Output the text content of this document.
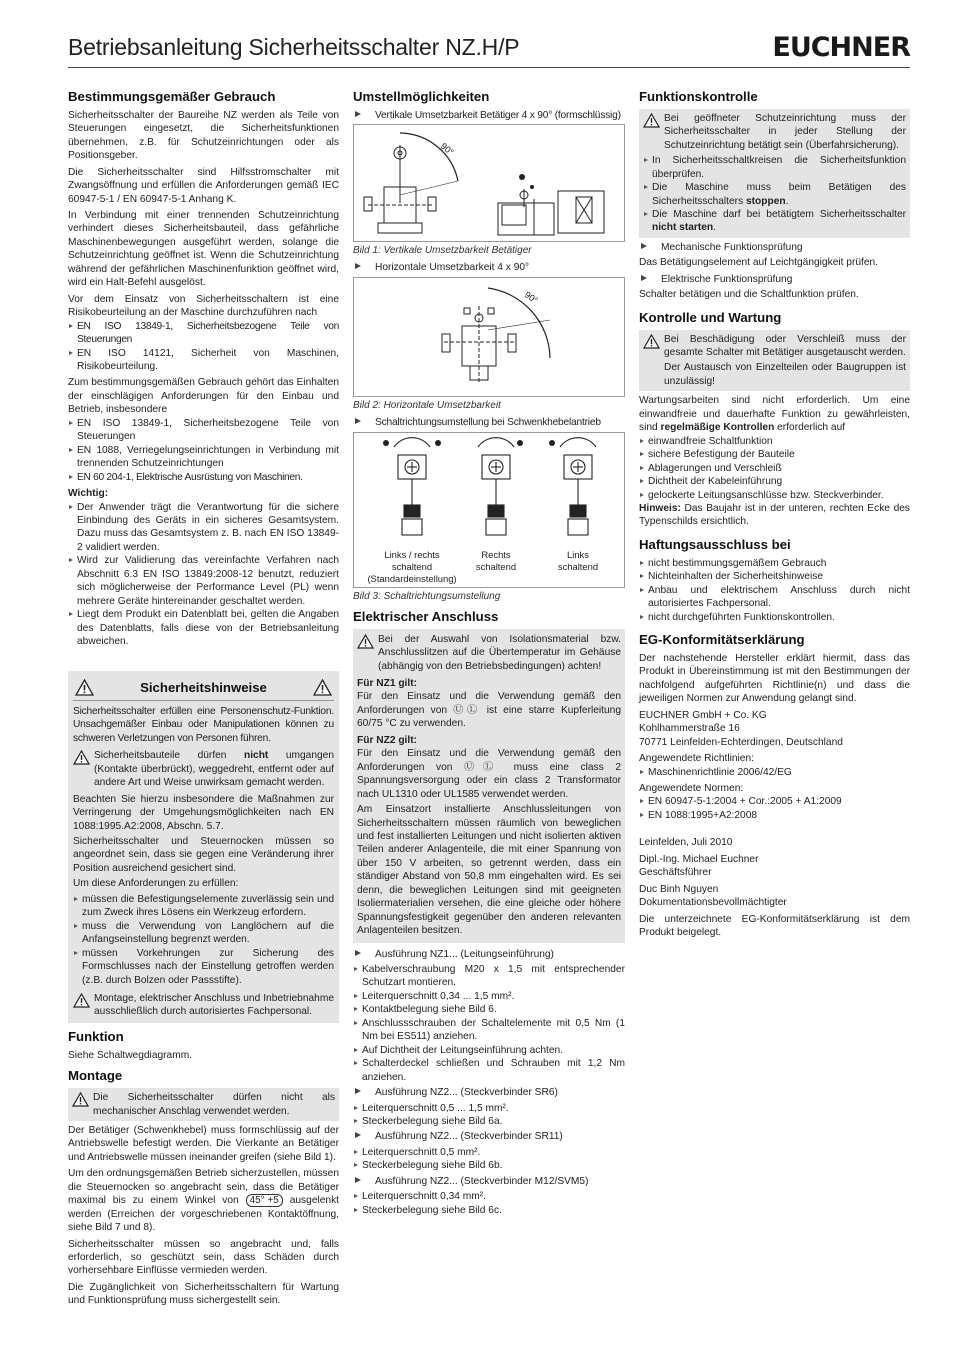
Betriebsanleitung Sicherheitsschalter NZ.H/P	EUCHNER
Bestimmungsgemäßer Gebrauch

Sicherheitsschalter der Baureihe NZ werden als Teile von Steuerungen eingesetzt, die Sicherheitsfunktionen übernehmen, z.B. für Schutzeinrichtungen oder als Positionsgeber.

Die Sicherheitsschalter sind Hilfsstromschalter mit Zwangsöffnung und erfüllen die Anforderungen gemäß IEC 60947-5-1 / EN 60947-5-1 Anhang K.

In Verbindung mit einer trennenden Schutzeinrichtung verhindert dieses Sicherheitsbauteil, dass gefährliche Maschinenbewegungen ausgeführt werden, solange die Schutzeinrichtung geöffnet ist. Wenn die Schutzeinrichtung während der gefährlichen Maschinenfunktion geöffnet wird, wird ein Halt-Befehl ausgelöst.

Vor dem Einsatz von Sicherheitsschaltern ist eine Risikobeurteilung an der Maschine durchzuführen nach

EN ISO 13849-1, Sicherheitsbezogene Teile von Steuerungen
EN ISO 14121, Sicherheit von Maschinen, Risikobeurteilung.

Zum bestimmungsgemäßen Gebrauch gehört das Einhalten der einschlägigen Anforderungen für den Einbau und Betrieb, insbesondere

EN ISO 13849-1, Sicherheitsbezogene Teile von Steuerungen
EN 1088, Verriegelungseinrichtungen in Verbindung mit trennenden Schutzeinrichtungen
EN 60 204-1, Elektrische Ausrüstung von Maschinen.
Wichtig:
Der Anwender trägt die Verantwortung für die sichere Einbindung des Geräts in ein sicheres Gesamtsystem. Dazu muss das Gesamtsystem z. B. nach EN ISO 13849-2 validiert werden.
Wird zur Validierung das vereinfachte Verfahren nach Abschnitt 6.3 EN ISO 13849:2008-12 benutzt, reduziert sich möglicherweise der Performance Level (PL) wenn mehrere Geräte hintereinander geschaltet werden.
Liegt dem Produkt ein Datenblatt bei, gelten die Angaben des Datenblatts, falls diese von der Betriebsanleitung abweichen.
Sicherheitshinweise

Sicherheitsschalter erfüllen eine Personenschutz-Funktion. Unsachgemäßer Einbau oder Manipulationen können zu schweren Verletzungen von Personen führen.

Sicherheitsbauteile dürfen nicht umgangen (Kontakte überbrückt), weggedreht, entfernt oder auf andere Art und Weise unwirksam gemacht werden.

Beachten Sie hierzu insbesondere die Maßnahmen zur Verringerung der Umgehungsmöglichkeiten nach EN 1088:1995.A2:2008, Abschn. 5.7.

Sicherheitsschalter und Steuernocken müssen so angeordnet sein, dass sie gegen eine Veränderung ihrer Position ausreichend gesichert sind.

Um diese Anforderungen zu erfüllen:

müssen die Befestigungselemente zuverlässig sein und zum Zweck ihres Lösens ein Werkzeug erfordern.
muss die Verwendung von Langlöchern auf die Anfangseinstellung begrenzt werden.
müssen Vorkehrungen zur Sicherung des Formschlusses nach der Einstellung getroffen werden (z.B. durch Bolzen oder Passstifte).
Montage, elektrischer Anschluss und Inbetriebnahme ausschließlich durch autorisiertes Fachpersonal.
Funktion

Siehe Schaltwegdiagramm.

Montage
Die Sicherheitsschalter dürfen nicht als mechanischer Anschlag verwendet werden.

Der Betätiger (Schwenkhebel) muss formschlüssig auf der Antriebswelle befestigt werden. Die Vierkante an Betätiger und Antriebswelle müssen ineinander greifen (siehe Bild 1).

Um den ordnungsgemäßen Betrieb sicherzustellen, müssen die Steuernocken so angebracht sein, dass die Betätiger maximal bis zu einem Winkel von 45° +5 ausgelenkt werden (Erreichen der vorgeschriebenen Kontaktöffnung, siehe Bild 7 und 8).

Sicherheitsschalter müssen so angebracht und, falls erforderlich, so geschützt sein, dass Schäden durch vorhersehbare Einflüsse vermieden werden.

Die Zugänglichkeit von Sicherheitsschaltern für Wartung und Funktionsprüfung muss sichergestellt sein.

Umstellmöglichkeiten
Vertikale Umsetzbarkeit Betätiger 4 x 90° (formschlüssig)
90°
Bild 1: Vertikale Umsetzbarkeit Betätiger
Horizontale Umsetzbarkeit 4 x 90°
90°
Bild 2: Horizontale Umsetzbarkeit
Schaltrichtungsumstellung bei Schwenkhebelantrieb
Links / rechts schaltend (Standardeinstellung)
Rechts schaltend
Links schaltend
Bild 3: Schaltrichtungsumstellung
Elektrischer Anschluss
Bei der Auswahl von Isolationsmaterial bzw. Anschlusslitzen auf die Übertemperatur im Gehäuse (abhängig von den Betriebsbedingungen) achten!
Für NZ1 gilt:

Für den Einsatz und die Verwendung gemäß den Anforderungen von ⓊⓁ ist eine starre Kupferleitung 60/75 °C zu verwenden.

Für NZ2 gilt:

Für den Einsatz und die Verwendung gemäß den Anforderungen von ⓊⓁ muss eine class 2 Spannungsversorgung oder ein class 2 Transformator nach UL1310 oder UL1585 verwendet werden.

Am Einsatzort installierte Anschlussleitungen von Sicherheitsschaltern müssen räumlich von beweglichen und fest installierten Leitungen und nicht isolierten aktiven Teilen anderer Anlagenteile, die mit einer Spannung von über 150 V arbeiten, so getrennt werden, dass ein ständiger Abstand von 50,8 mm eingehalten wird. Es sei denn, die beweglichen Leitungen sind mit geeigneten Isoliermaterialien versehen, die eine gleiche oder höhere Spannungsfestigkeit gegenüber den anderen relevanten Anlagenteilen besitzen.

Ausführung NZ1... (Leitungseinführung)
Kabelverschraubung M20 x 1,5 mit entsprechender Schutzart montieren.
Leiterquerschnitt 0,34 ... 1,5 mm².
Kontaktbelegung siehe Bild 6.
Anschlussschrauben der Schaltelemente mit 0,5 Nm (1 Nm bei ES511) anziehen.
Auf Dichtheit der Leitungseinführung achten.
Schalterdeckel schließen und Schrauben mit 1,2 Nm anziehen.
Ausführung NZ2... (Steckverbinder SR6)
Leiterquerschnitt 0,5 ... 1,5 mm².
Steckerbelegung siehe Bild 6a.
Ausführung NZ2... (Steckverbinder SR11)
Leiterquerschnitt 0,5 mm².
Steckerbelegung siehe Bild 6b.
Ausführung NZ2... (Steckverbinder M12/SVM5)
Leiterquerschnitt 0,34 mm².
Steckerbelegung siehe Bild 6c.
Funktionskontrolle
Bei geöffneter Schutzeinrichtung muss der Sicherheitsschalter in jeder Stellung der Schutzeinrichtung betätigt sein (Überfahrsicherung).
In Sicherheitsschaltkreisen die Sicherheitsfunktion überprüfen.
Die Maschine muss beim Betätigen des Sicherheitsschalters stoppen.
Die Maschine darf bei betätigtem Sicherheitsschalter nicht starten.
Mechanische Funktionsprüfung

Das Betätigungselement auf Leichtgängigkeit prüfen.

Elektrische Funktionsprüfung

Schalter betätigen und die Schaltfunktion prüfen.

Kontrolle und Wartung
Bei Beschädigung oder Verschleiß muss der gesamte Schalter mit Betätiger ausgetauscht werden.
Der Austausch von Einzelteilen oder Baugruppen ist unzulässig!

Wartungsarbeiten sind nicht erforderlich. Um eine einwandfreie und dauerhafte Funktion zu gewährleisten, sind regelmäßige Kontrollen erforderlich auf

einwandfreie Schaltfunktion
sichere Befestigung der Bauteile
Ablagerungen und Verschleiß
Dichtheit der Kabeleinführung
gelockerte Leitungsanschlüsse bzw. Steckverbinder.

Hinweis: Das Baujahr ist in der unteren, rechten Ecke des Typenschilds ersichtlich.

Haftungsausschluss bei
nicht bestimmungsgemäßem Gebrauch
Nichteinhalten der Sicherheitshinweise
Anbau und elektrischem Anschluss durch nicht autorisiertes Fachpersonal.
nicht durchgeführten Funktionskontrollen.
EG-Konformitätserklärung

Der nachstehende Hersteller erklärt hiermit, dass das Produkt in Übereinstimmung ist mit den Bestimmungen der nachfolgend aufgeführten Richtlinie(n) und dass die jeweiligen Normen zur Anwendung gelangt sind.

EUCHNER GmbH + Co. KG
Kohlhammerstraße 16
70771 Leinfelden-Echterdingen, Deutschland
Angewendete Richtlinien:
Maschinenrichtlinie 2006/42/EG
Angewendete Normen:
EN 60947-5-1:2004 + Cor.:2005 + A1:2009
EN 1088:1995+A2:2008
Leinfelden, Juli 2010
Dipl.-Ing. Michael Euchner
Geschäftsführer
Duc Binh Nguyen
Dokumentationsbevollmächtigter

Die unterzeichnete EG-Konformitätserklärung ist dem Produkt beigelegt.
